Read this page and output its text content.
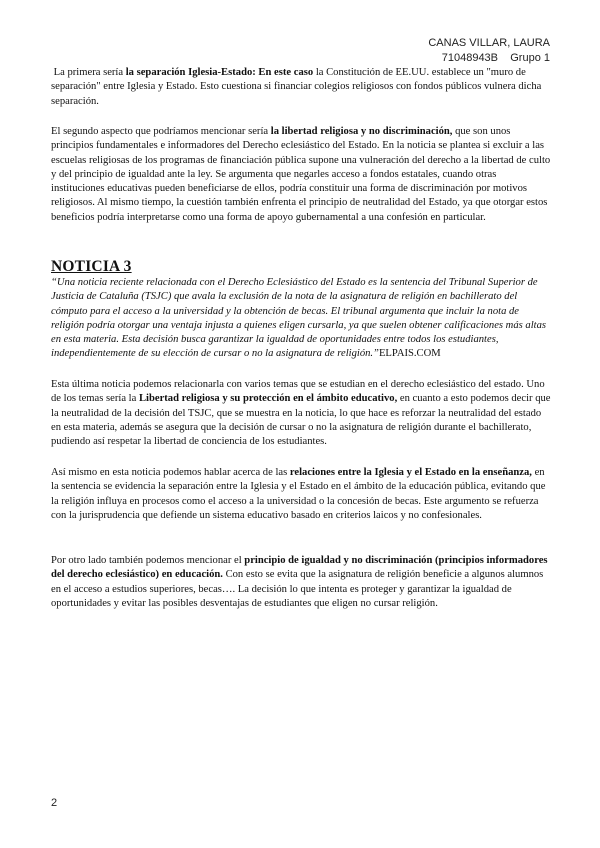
CANAS VILLAR, LAURA
71048943B Grupo 1

La primera sería la separación Iglesia-Estado: En este caso la Constitución de EE.UU. establece un "muro de separación" entre Iglesia y Estado. Esto cuestiona si financiar colegios religiosos con fondos públicos vulnera dicha separación.

El segundo aspecto que podríamos mencionar sería la libertad religiosa y no discriminación, que son unos principios fundamentales e informadores del Derecho eclesiástico del Estado. En la noticia se plantea si excluir a las escuelas religiosas de los programas de financiación pública supone una vulneración del derecho a la libertad de culto y del principio de igualdad ante la ley. Se argumenta que negarles acceso a fondos estatales, cuando otras instituciones educativas pueden beneficiarse de ellos, podría constituir una forma de discriminación por motivos religiosos. Al mismo tiempo, la cuestión también enfrenta el principio de neutralidad del Estado, ya que otorgar estos beneficios podría interpretarse como una forma de apoyo gubernamental a una confesión en particular.

NOTICIA 3

“Una noticia reciente relacionada con el Derecho Eclesiástico del Estado es la sentencia del Tribunal Superior de Justicia de Cataluña (TSJC) que avala la exclusión de la nota de la asignatura de religión en bachillerato del cómputo para el acceso a la universidad y la obtención de becas. El tribunal argumenta que incluir la nota de religión podría otorgar una ventaja injusta a quienes eligen cursarla, ya que suelen obtener calificaciones más altas en esta materia. Esta decisión busca garantizar la igualdad de oportunidades entre todos los estudiantes, independientemente de su elección de cursar o no la asignatura de religión.”ELPAIS.COM

Esta última noticia podemos relacionarla con varios temas que se estudian en el derecho eclesiástico del estado. Uno de los temas sería la Libertad religiosa y su protección en el ámbito educativo, en cuanto a esto podemos decir que la neutralidad de la decisión del TSJC, que se muestra en la noticia, lo que hace es reforzar la neutralidad del estado en esta materia, además se asegura que la decisión de cursar o no la asignatura de religión durante el bachillerato, pudiendo así respetar la libertad de conciencia de los estudiantes.

Así mismo en esta noticia podemos hablar acerca de las relaciones entre la Iglesia y el Estado en la enseñanza, en la sentencia se evidencia la separación entre la Iglesia y el Estado en el ámbito de la educación pública, evitando que la religión influya en procesos como el acceso a la universidad o la concesión de becas. Este argumento se refuerza con la jurisprudencia que defiende un sistema educativo basado en criterios laicos y no confesionales.

Por otro lado también podemos mencionar el principio de igualdad y no discriminación (principios informadores del derecho eclesiástico) en educación. Con esto se evita que la asignatura de religión beneficie a algunos alumnos en el acceso a estudios superiores, becas…. La decisión lo que intenta es proteger y garantizar la igualdad de oportunidades y evitar las posibles desventajas de estudiantes que eligen no cursar religión.

2
